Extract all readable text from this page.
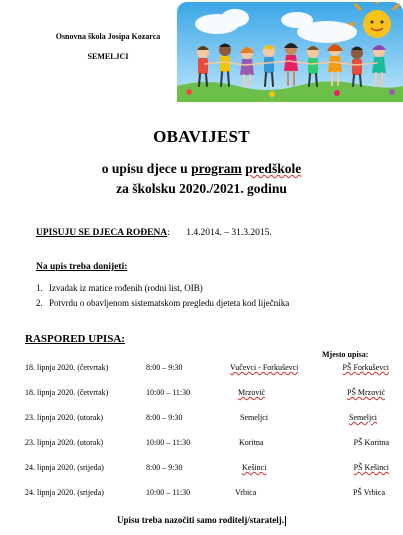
Osnovna škola Josipa Kozarca
SEMELJCI
OBAVIJEST
o upisu djece u program predškole
za školsku 2020./2021. godinu
UPISUJU SE DJECA ROĐENA: 1.4.2014. – 31.3.2015.
Na upis treba donijeti:
1. Izvadak iz matice rođenih (rodni list, OIB)
2. Potvrdu o obavljenom sistematskom pregledu djeteta kod liječnika
RASPORED UPISA:
Mjesto upisa:
18. lipnja 2020. (četvrtak)	8:00 – 9:30	Vučevci - Forkuševci	PŠ Forkuševci
18. lipnja 2020. (četvrtak)	10:00 – 11:30	Mrzović	PŠ Mrzović
23. lipnja 2020. (utorak)	8:00 – 9:30	Semeljci	Semeljci
23. lipnja 2020. (utorak)	10:00 – 11:30	Koritna	PŠ Koritna
24. lipnja 2020. (srijeda)	8:00 – 9:30	Kešinci	PŠ Kešinci
24. lipnja 2020. (srijeda)	10:00 – 11:30	Vrbica	PŠ Vrbica
Upisu treba nazočiti samo roditelj/staratelj.
